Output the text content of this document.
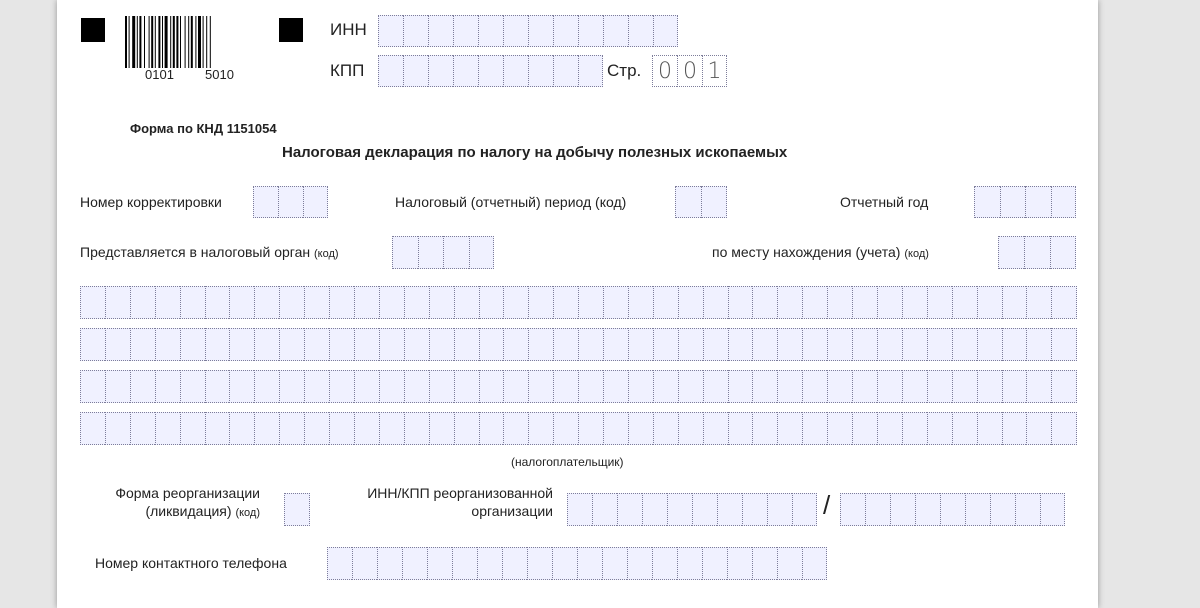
0101 5010
ИНН
КПП	Стр. 0 0 1
Форма по КНД 1151054
Налоговая декларация по налогу на добычу полезных ископаемых
Номер корректировки	Налоговый (отчетный) период (код)	Отчетный год
Представляется в налоговый орган (код)	по месту нахождения (учета) (код)
(налогоплательщик)
Форма реорганизации
(ликвидация) (код)
ИНН/КПП реорганизованной
организации	/
Номер контактного телефона
